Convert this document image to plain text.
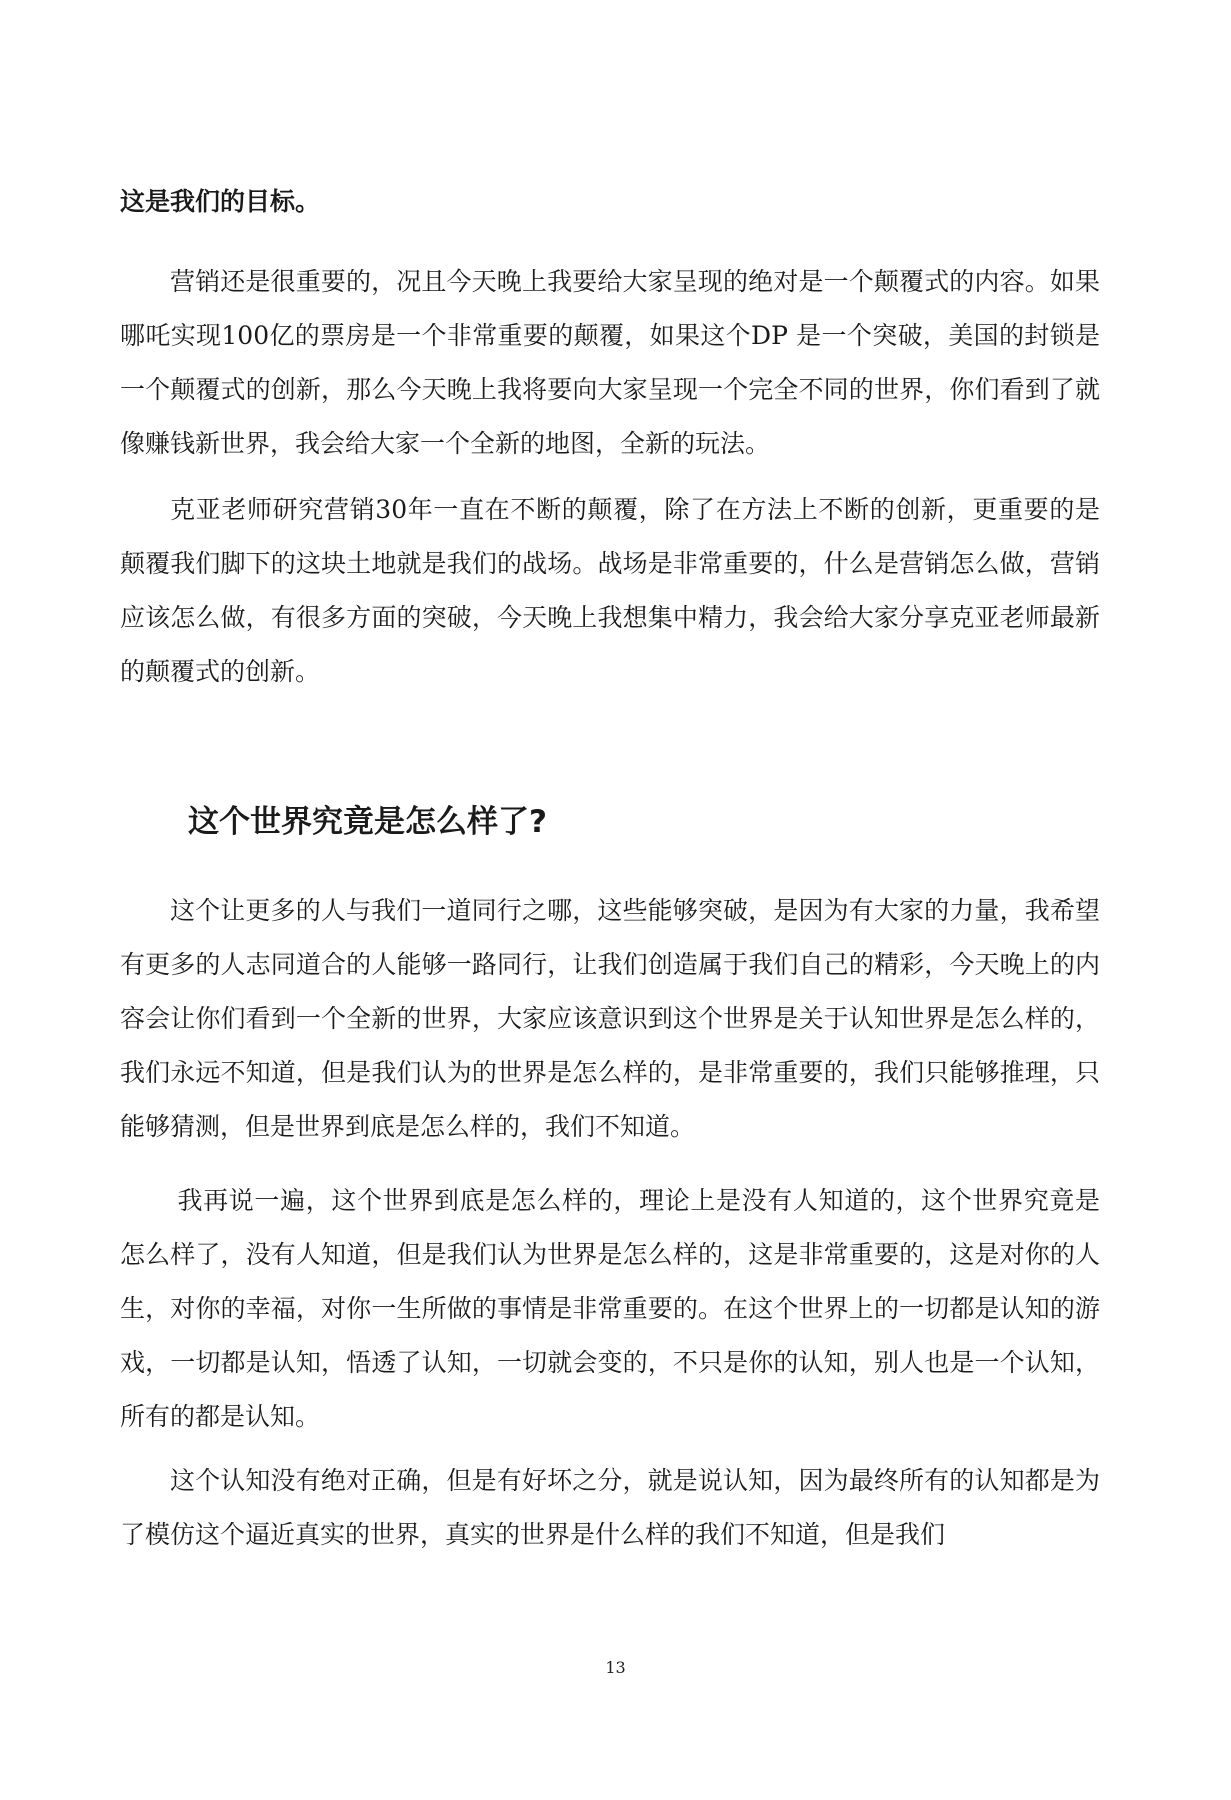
这是我们的目标。

营销还是很重要的，况且今天晚上我要给大家呈现的绝对是一个颠覆式的内容。如果哪吒实现100亿的票房是一个非常重要的颠覆，如果这个DP 是一个突破，美国的封锁是一个颠覆式的创新，那么今天晚上我将要向大家呈现一个完全不同的世界，你们看到了就像赚钱新世界，我会给大家一个全新的地图，全新的玩法。

克亚老师研究营销30年一直在不断的颠覆，除了在方法上不断的创新，更重要的是颠覆我们脚下的这块土地就是我们的战场。战场是非常重要的，什么是营销怎么做，营销应该怎么做，有很多方面的突破，今天晚上我想集中精力，我会给大家分享克亚老师最新的颠覆式的创新。

这个世界究竟是怎么样了?

这个让更多的人与我们一道同行之哪，这些能够突破，是因为有大家的力量，我希望有更多的人志同道合的人能够一路同行，让我们创造属于我们自己的精彩，今天晚上的内容会让你们看到一个全新的世界，大家应该意识到这个世界是关于认知世界是怎么样的，我们永远不知道，但是我们认为的世界是怎么样的，是非常重要的，我们只能够推理，只能够猜测，但是世界到底是怎么样的，我们不知道。

我再说一遍，这个世界到底是怎么样的，理论上是没有人知道的，这个世界究竟是怎么样了，没有人知道，但是我们认为世界是怎么样的，这是非常重要的，这是对你的人生，对你的幸福，对你一生所做的事情是非常重要的。在这个世界上的一切都是认知的游戏，一切都是认知，悟透了认知，一切就会变的，不只是你的认知，别人也是一个认知，所有的都是认知。

这个认知没有绝对正确，但是有好坏之分，就是说认知，因为最终所有的认知都是为了模仿这个逼近真实的世界，真实的世界是什么样的我们不知道，但是我们

13
